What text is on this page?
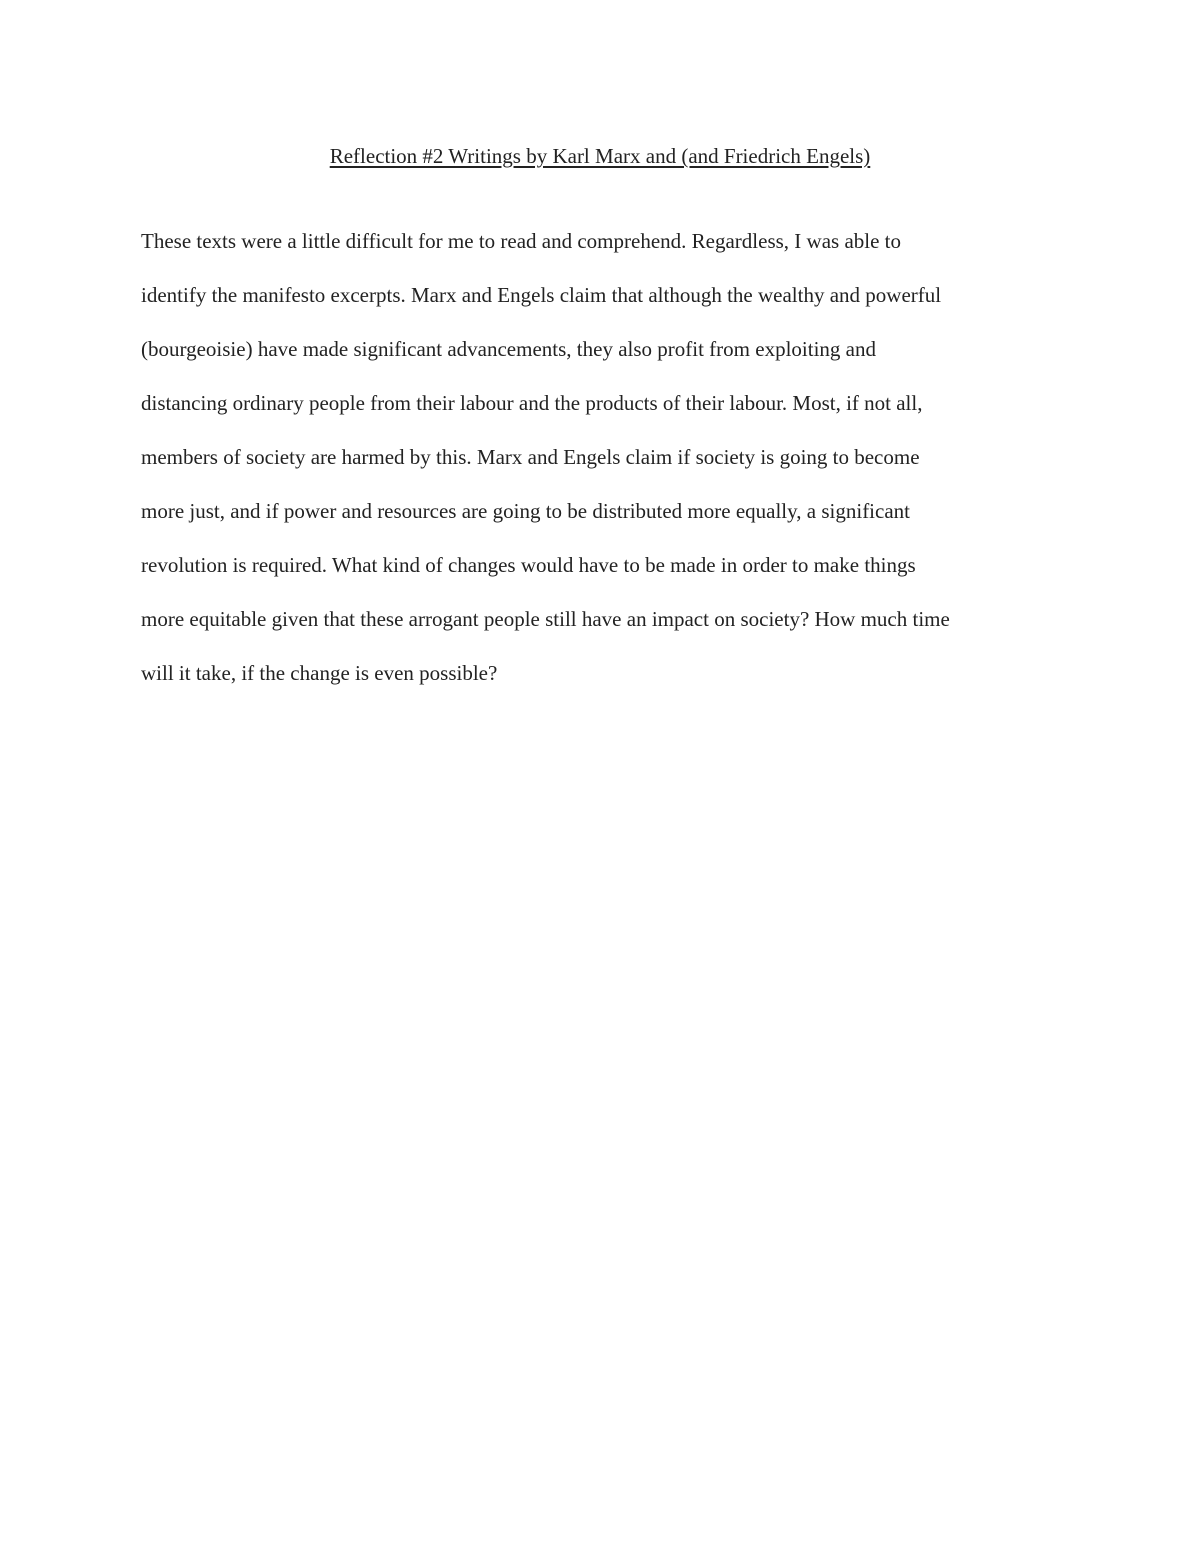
Reflection #2 Writings by Karl Marx and (and Friedrich Engels)
These texts were a little difficult for me to read and comprehend. Regardless, I was able to
identify the manifesto excerpts. Marx and Engels claim that although the wealthy and powerful
(bourgeoisie) have made significant advancements, they also profit from exploiting and
distancing ordinary people from their labour and the products of their labour. Most, if not all,
members of society are harmed by this. Marx and Engels claim if society is going to become
more just, and if power and resources are going to be distributed more equally, a significant
revolution is required. What kind of changes would have to be made in order to make things
more equitable given that these arrogant people still have an impact on society? How much time
will it take, if the change is even possible?
